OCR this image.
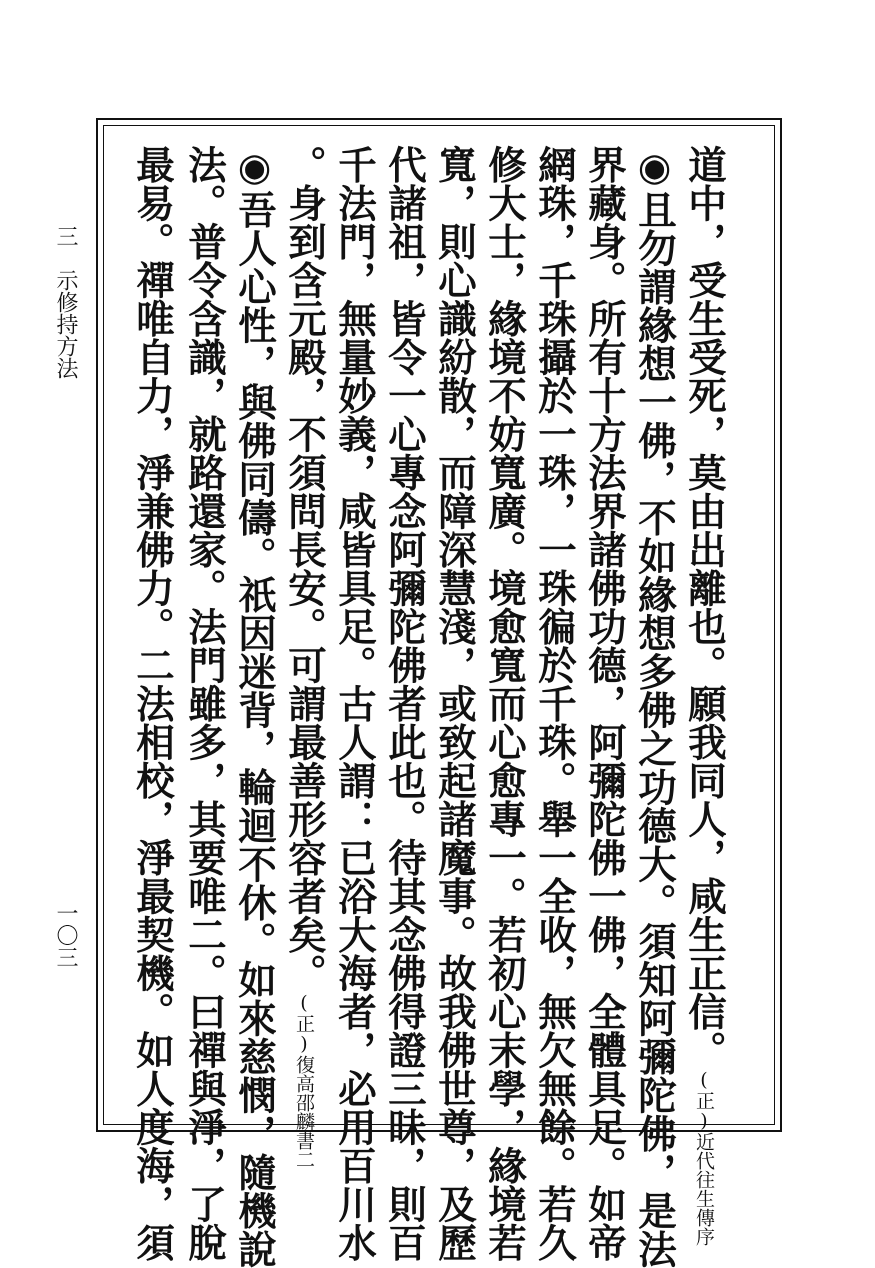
三　示修持方法
一〇三	道中，受生受死，莫由出離也。願我同人，咸生正信。(正)近代往生傳序
◉且勿謂緣想一佛，不如緣想多佛之功德大。須知阿彌陀佛，是法
界藏身。所有十方法界諸佛功德，阿彌陀佛一佛，全體具足。如帝
網珠，千珠攝於一珠，一珠徧於千珠。舉一全收，無欠無餘。若久
修大士，緣境不妨寬廣。境愈寬而心愈專一。若初心末學，緣境若
寬，則心識紛散，而障深慧淺，或致起諸魔事。故我佛世尊，及歷
代諸祖，皆令一心專念阿彌陀佛者此也。待其念佛得證三昧，則百
千法門，無量妙義，咸皆具足。古人謂：已浴大海者，必用百川水
。身到含元殿，不須問長安。可謂最善形容者矣。(正)復高邵麟書二
◉吾人心性，與佛同儔。祇因迷背，輪迴不休。如來慈憫，隨機說
法。普令含識，就路還家。法門雖多，其要唯二。曰禪與淨，了脫
最易。禪唯自力，淨兼佛力。二法相校，淨最契機。如人度海，須
